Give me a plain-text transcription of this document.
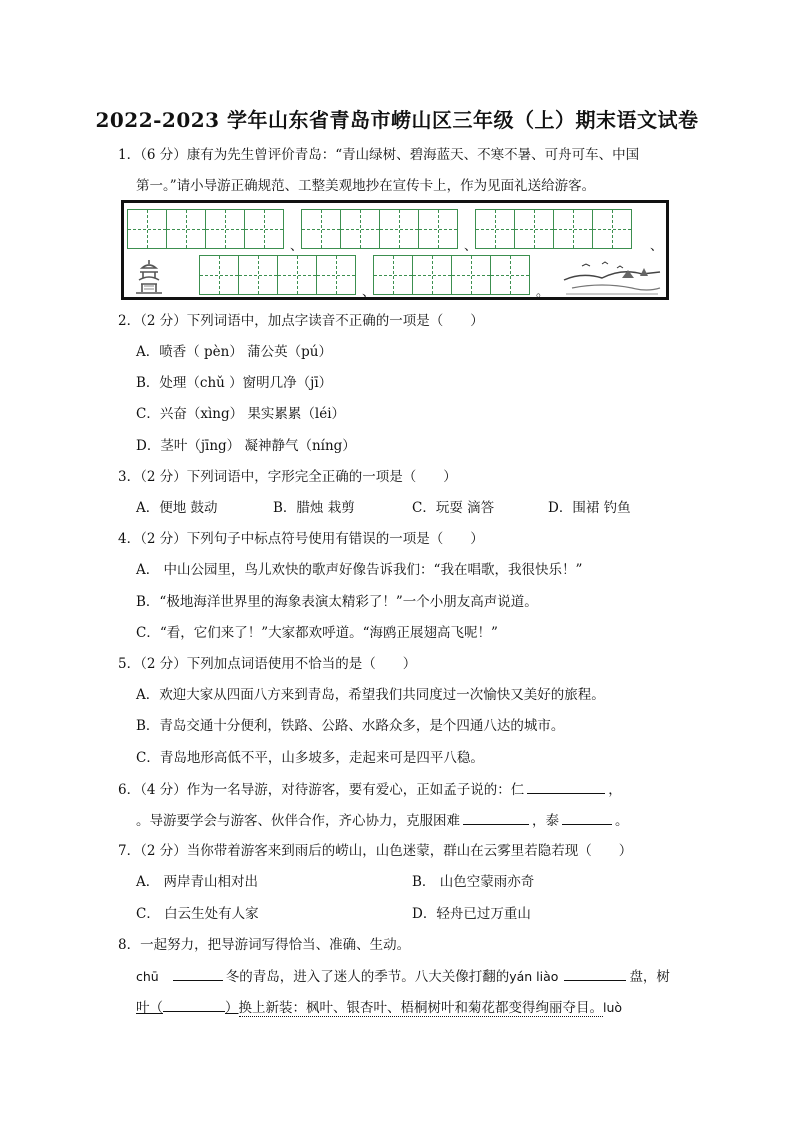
2022-2023 学年山东省青岛市崂山区三年级（上）期末语文试卷
1．（6 分）康有为先生曾评价青岛：“青山绿树、碧海蓝天、不寒不暑、可舟可车、中国
第一。”请小导游正确规范、工整美观地抄在宣传卡上，作为见面礼送给游客。
、	、	、
、	。
2．（2 分）下列词语中，加点字读音不正确的一项是（　　）
A．喷香（ pèn） 蒲公英（pú）
B．处理（chǔ ）窗明几净（jī）
C．兴奋（xìng） 果实累累（léi）
D．茎叶（jīng） 凝神静气（níng）
3．（2 分）下列词语中，字形完全正确的一项是（　　）
A．便地 鼓动	B．腊烛 栽剪	C．玩耍 滴答	D．围裙 钓鱼
4．（2 分）下列句子中标点符号使用有错误的一项是（　　）
A． 中山公园里，鸟儿欢快的歌声好像告诉我们：“我在唱歌，我很快乐！”
B．“极地海洋世界里的海象表演太精彩了！”一个小朋友高声说道。
C．“看，它们来了！”大家都欢呼道。“海鸥正展翅高飞呢！”
5．（2 分）下列加点词语使用不恰当的是（　　）
A．欢迎大家从四面八方来到青岛，希望我们共同度过一次愉快又美好的旅程。
B．青岛交通十分便利，铁路、公路、水路众多，是个四通八达的城市。
C．青岛地形高低不平，山多坡多，走起来可是四平八稳。
6．（4 分）作为一名导游，对待游客，要有爱心，正如孟子说的：仁	，
。导游要学会与游客、伙伴合作，齐心协力，克服困难	，泰	。
7．（2 分）当你带着游客来到雨后的崂山，山色迷蒙，群山在云雾里若隐若现（　　）
A． 两岸青山相对出	B． 山色空蒙雨亦奇
C． 白云生处有人家	D．轻舟已过万重山
8．一起努力，把导游词写得恰当、准确、生动。
chū	冬的青岛，进入了迷人的季节。八大关像打翻的yán liào	盘，树
叶（	）换上新装：枫叶、银杏叶、梧桐树叶和菊花都变得绚丽夺目。luò
